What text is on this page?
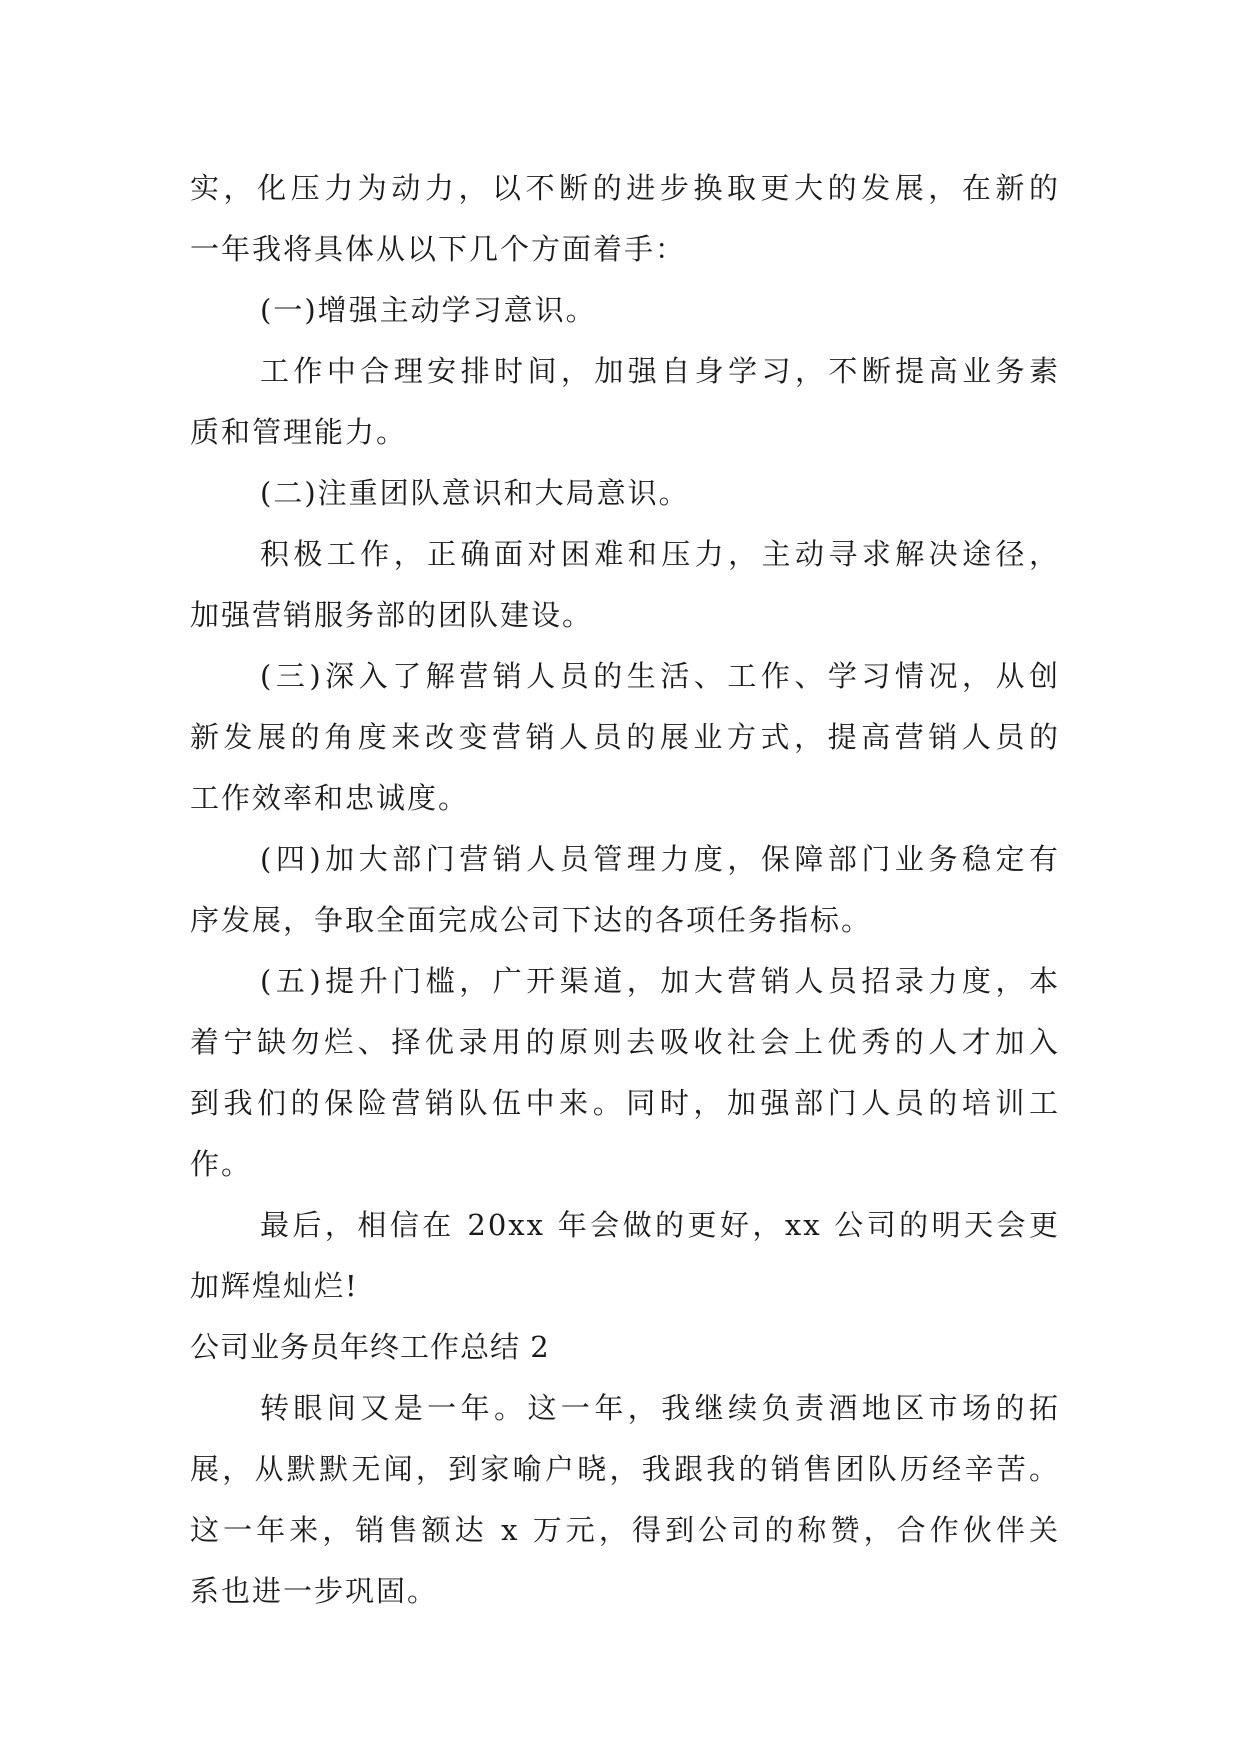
实，化压力为动力，以不断的进步换取更大的发展，在新的
一年我将具体从以下几个方面着手：
(一)增强主动学习意识。
工作中合理安排时间，加强自身学习，不断提高业务素
质和管理能力。
(二)注重团队意识和大局意识。
积极工作，正确面对困难和压力，主动寻求解决途径，
加强营销服务部的团队建设。
(三)深入了解营销人员的生活、工作、学习情况，从创
新发展的角度来改变营销人员的展业方式，提高营销人员的
工作效率和忠诚度。
(四)加大部门营销人员管理力度，保障部门业务稳定有
序发展，争取全面完成公司下达的各项任务指标。
(五)提升门槛，广开渠道，加大营销人员招录力度，本
着宁缺勿烂、择优录用的原则去吸收社会上优秀的人才加入
到我们的保险营销队伍中来。同时，加强部门人员的培训工
作。
最后，相信在 20xx 年会做的更好，xx 公司的明天会更
加辉煌灿烂!
公司业务员年终工作总结 2
转眼间又是一年。这一年，我继续负责酒地区市场的拓
展，从默默无闻，到家喻户晓，我跟我的销售团队历经辛苦。
这一年来，销售额达 x 万元，得到公司的称赞，合作伙伴关
系也进一步巩固。
